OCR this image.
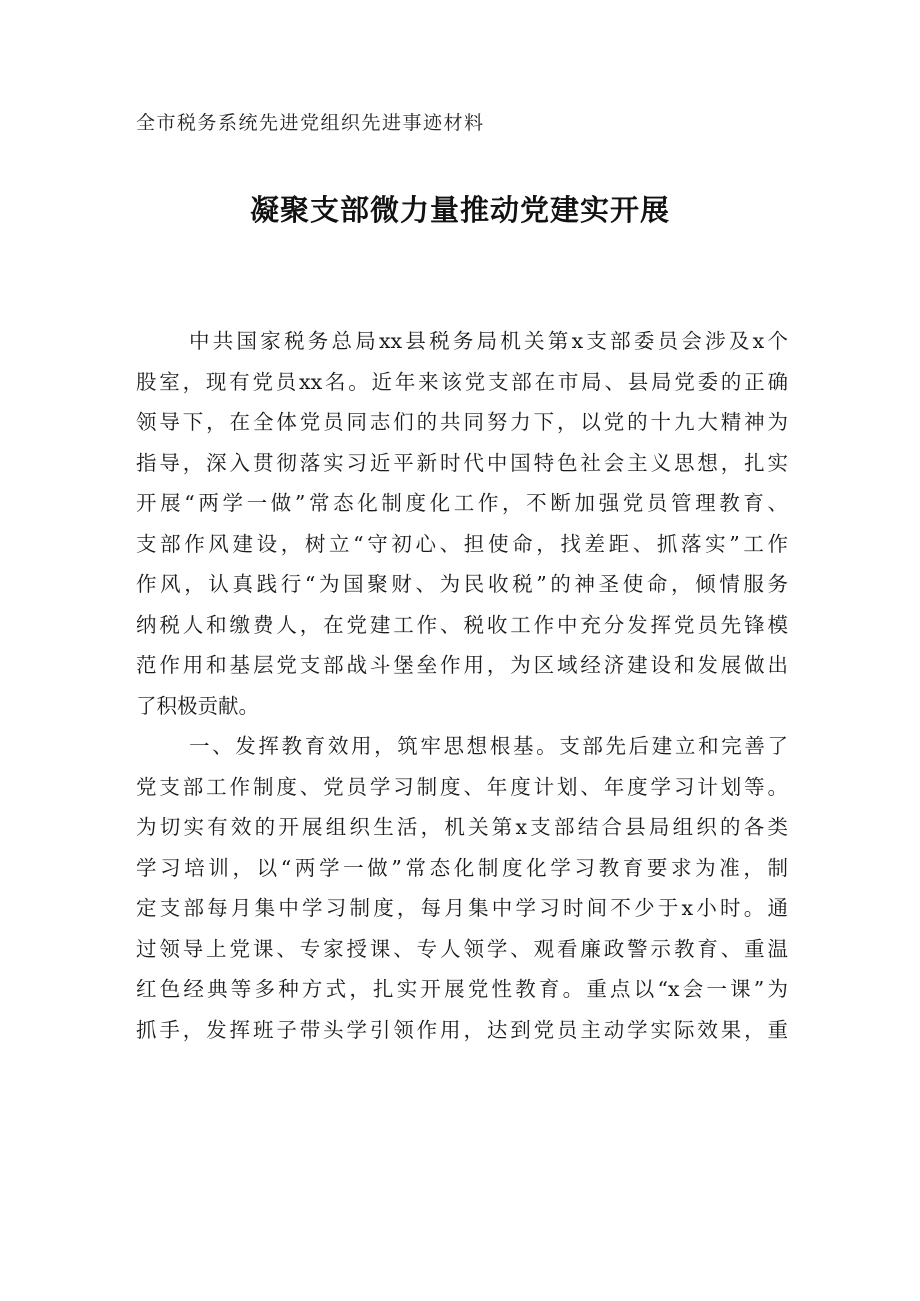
全市税务系统先进党组织先进事迹材料
凝聚支部微力量推动党建实开展
中共国家税务总局xx县税务局机关第x支部委员会涉及x个
股室，现有党员xx名。近年来该党支部在市局、县局党委的正确
领导下，在全体党员同志们的共同努力下，以党的十九大精神为
指导，深入贯彻落实习近平新时代中国特色社会主义思想，扎实
开展“两学一做”常态化制度化工作，不断加强党员管理教育、
支部作风建设，树立“守初心、担使命，找差距、抓落实”工作
作风，认真践行“为国聚财、为民收税”的神圣使命，倾情服务
纳税人和缴费人，在党建工作、税收工作中充分发挥党员先锋模
范作用和基层党支部战斗堡垒作用，为区域经济建设和发展做出
了积极贡献。
一、发挥教育效用，筑牢思想根基。支部先后建立和完善了
党支部工作制度、党员学习制度、年度计划、年度学习计划等。
为切实有效的开展组织生活，机关第x支部结合县局组织的各类
学习培训，以“两学一做”常态化制度化学习教育要求为准，制
定支部每月集中学习制度，每月集中学习时间不少于x小时。通
过领导上党课、专家授课、专人领学、观看廉政警示教育、重温
红色经典等多种方式，扎实开展党性教育。重点以“x会一课”为
抓手，发挥班子带头学引领作用，达到党员主动学实际效果，重
